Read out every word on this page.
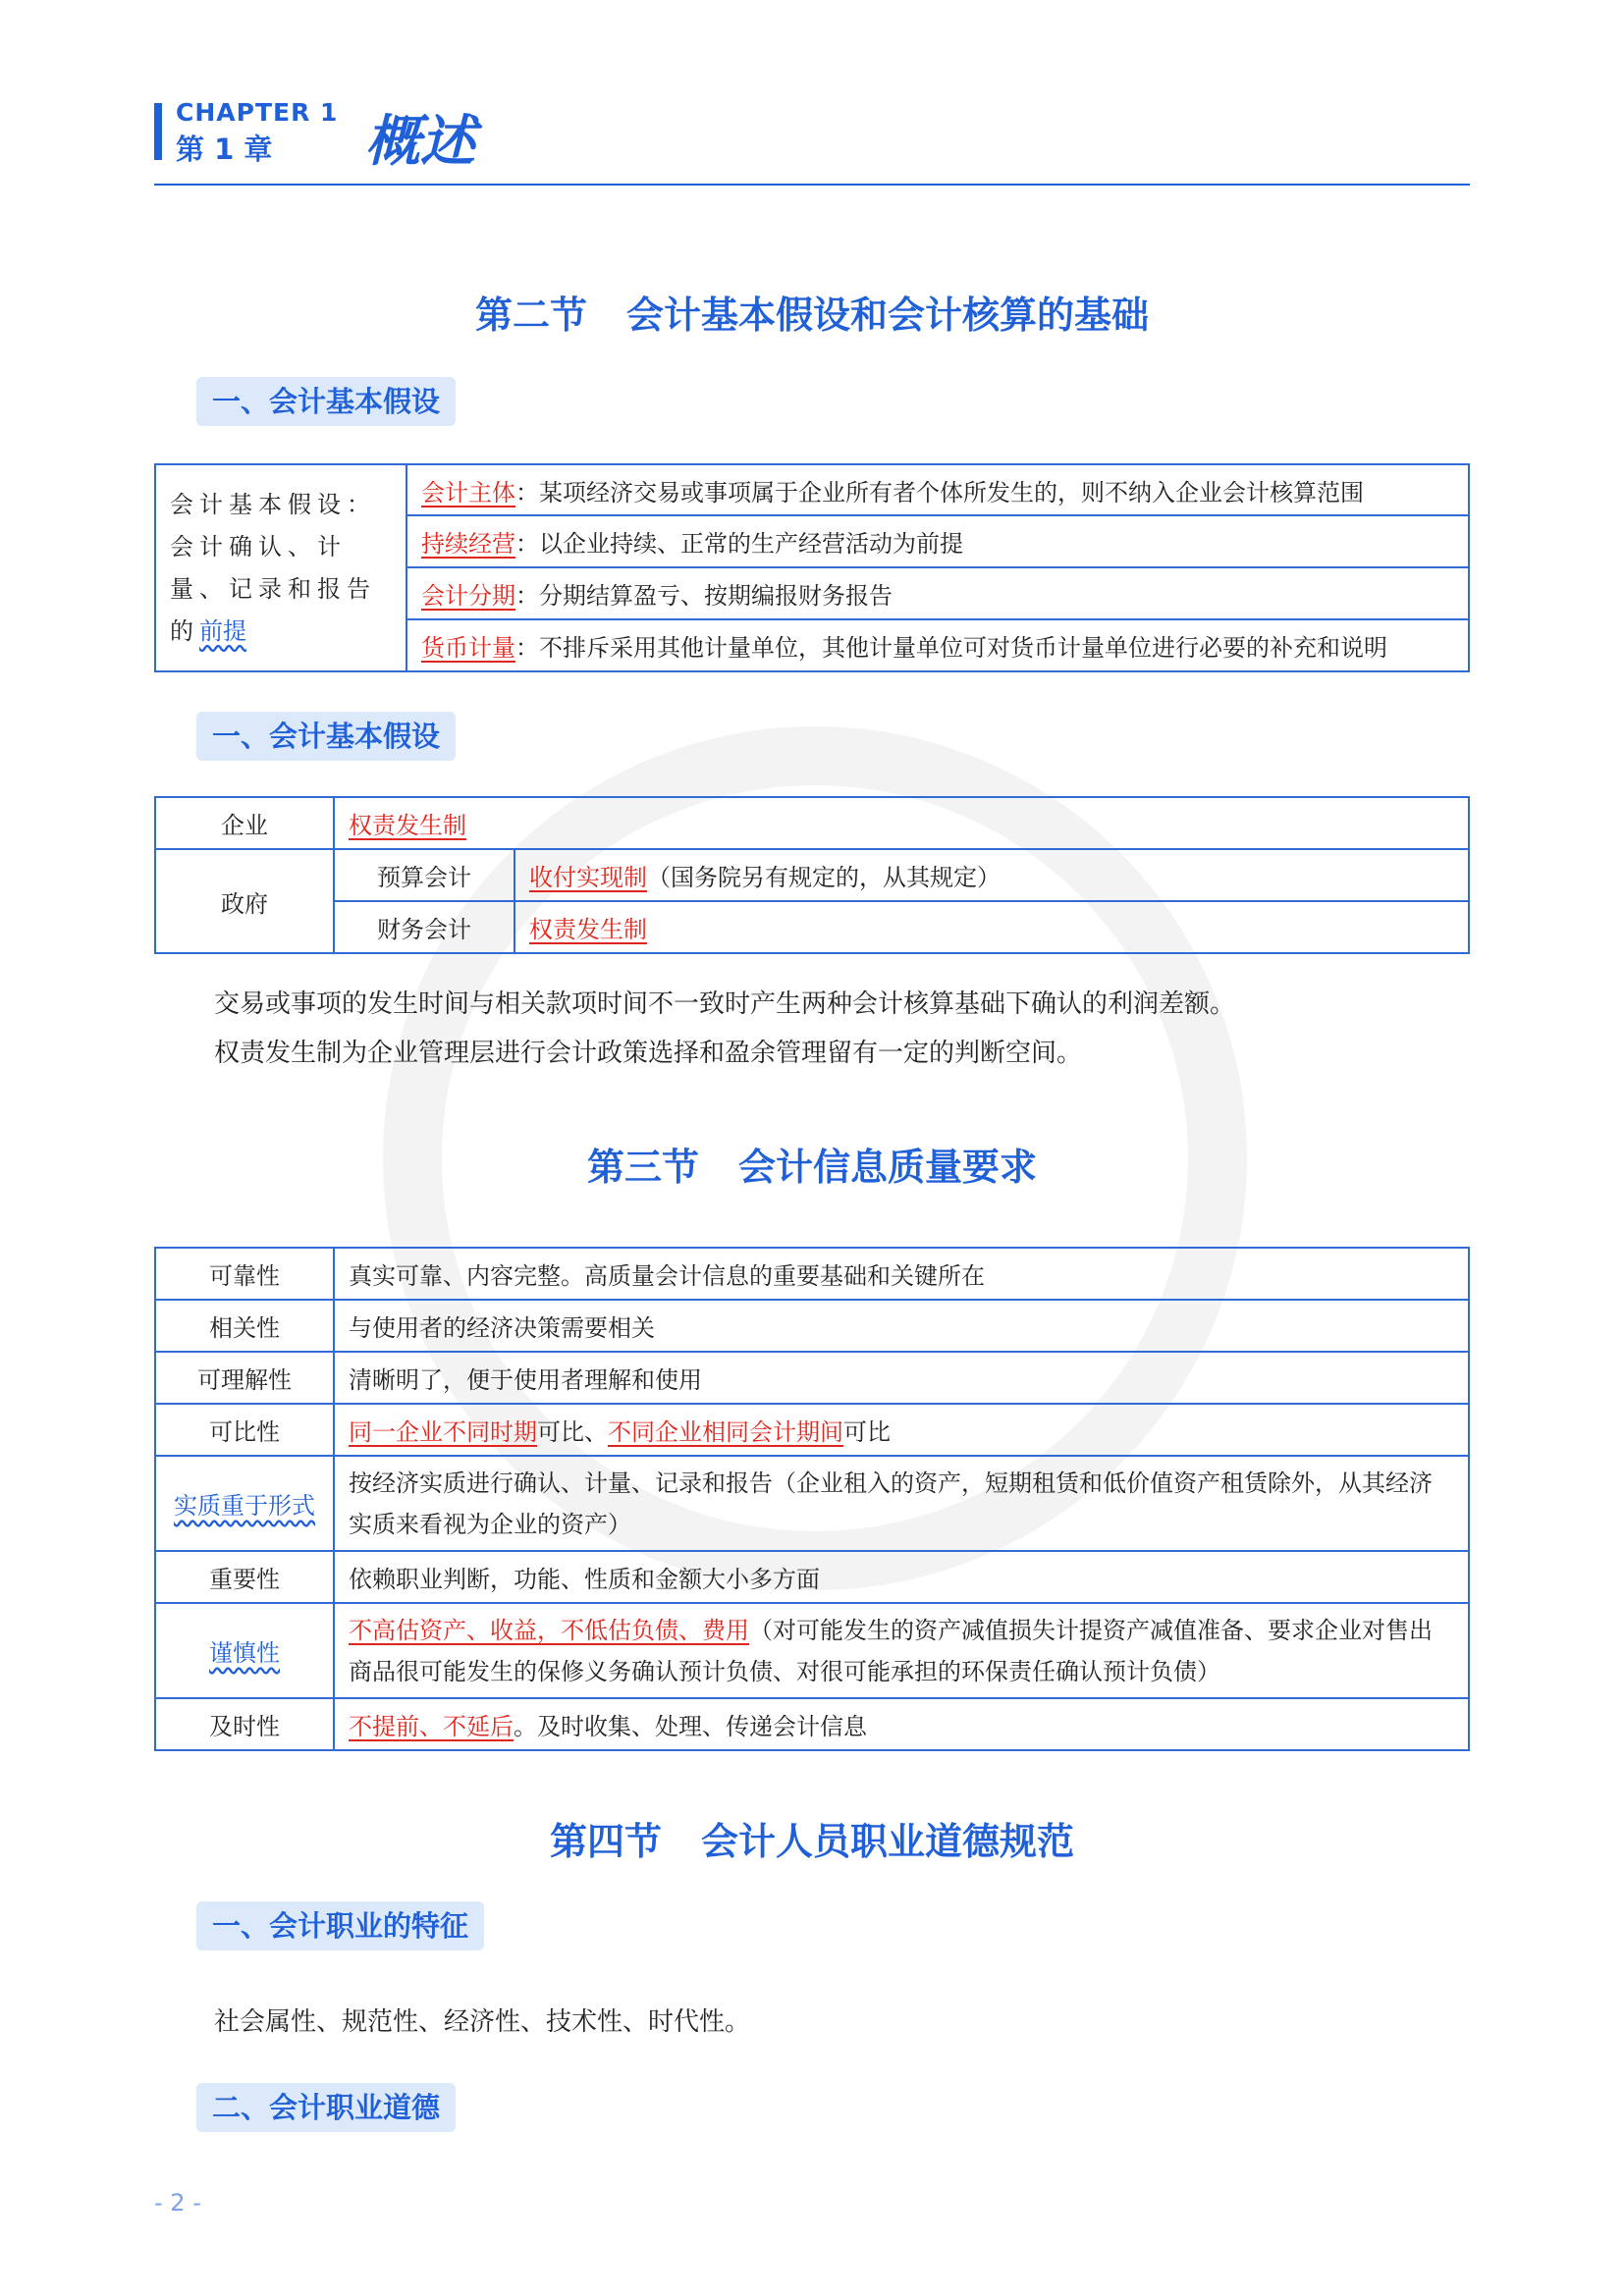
CHAPTER 1
第 1 章 概述
第二节 会计基本假设和会计核算的基础
一、会计基本假设
会计基本假设：会计确认、计量、记录和报告的前提	会计主体：某项经济交易或事项属于企业所有者个体所发生的，则不纳入企业会计核算范围
持续经营：以企业持续、正常的生产经营活动为前提
会计分期：分期结算盈亏、按期编报财务报告
货币计量：不排斥采用其他计量单位，其他计量单位可对货币计量单位进行必要的补充和说明
一、会计基本假设
企业	权责发生制	
政府	预算会计	收付实现制（国务院另有规定的，从其规定）
	财务会计	权责发生制
交易或事项的发生时间与相关款项时间不一致时产生两种会计核算基础下确认的利润差额。
权责发生制为企业管理层进行会计政策选择和盈余管理留有一定的判断空间。
第三节 会计信息质量要求
可靠性	真实可靠、内容完整。高质量会计信息的重要基础和关键所在
相关性	与使用者的经济决策需要相关
可理解性	清晰明了，便于使用者理解和使用
可比性	同一企业不同时期可比、不同企业相同会计期间可比
实质重于形式	按经济实质进行确认、计量、记录和报告（企业租入的资产，短期租赁和低价值资产租赁除外，从其经济实质来看视为企业的资产）
重要性	依赖职业判断，功能、性质和金额大小多方面
谨慎性	不高估资产、收益，不低估负债、费用（对可能发生的资产减值损失计提资产减值准备、要求企业对售出商品很可能发生的保修义务确认预计负债、对很可能承担的环保责任确认预计负债）
及时性	不提前、不延后。及时收集、处理、传递会计信息
第四节 会计人员职业道德规范
一、会计职业的特征
社会属性、规范性、经济性、技术性、时代性。
二、会计职业道德
- 2 -
